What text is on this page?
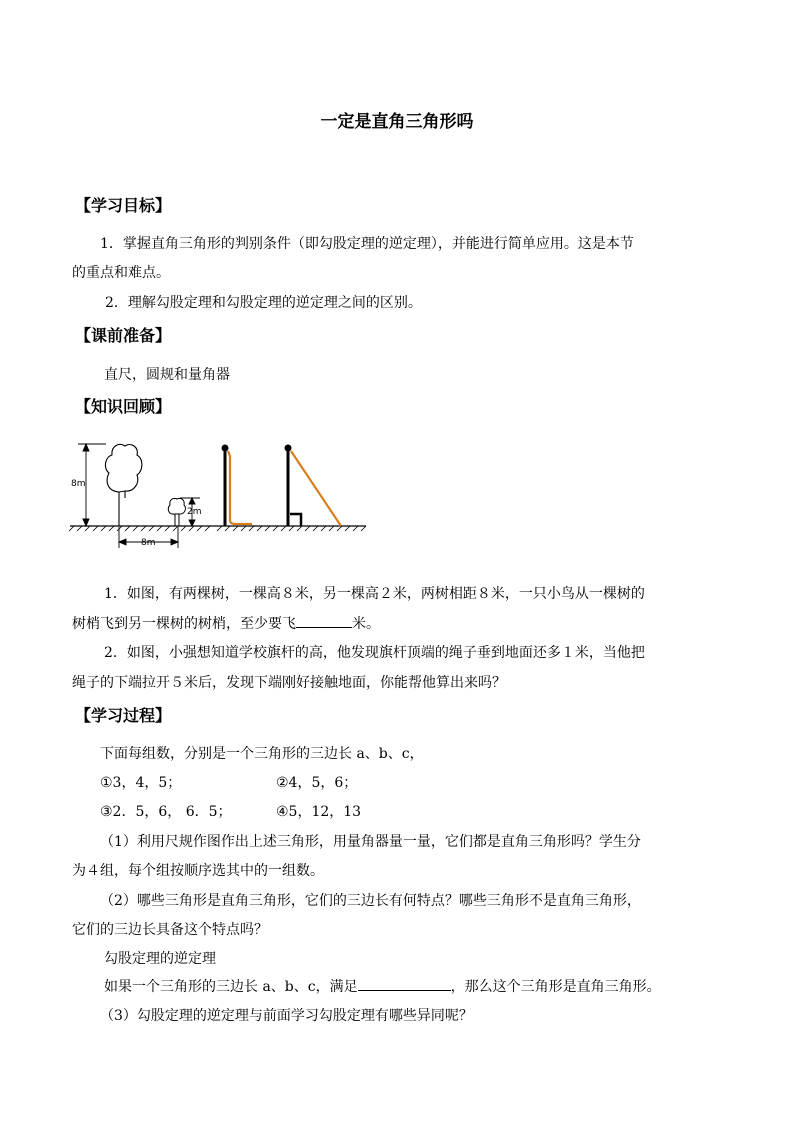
一定是直角三角形吗
【学习目标】
1．掌握直角三角形的判别条件（即勾股定理的逆定理），并能进行简单应用。这是本节
的重点和难点。
2．理解勾股定理和勾股定理的逆定理之间的区别。
【课前准备】
直尺，圆规和量角器
【知识回顾】
8m
2m
8m
1．如图，有两棵树，一棵高８米，另一棵高２米，两树相距８米，一只小鸟从一棵树的
树梢飞到另一棵树的树梢，至少要飞	米。
2．如图，小强想知道学校旗杆的高，他发现旗杆顶端的绳子垂到地面还多１米，当他把
绳子的下端拉开５米后，发现下端刚好接触地面，你能帮他算出来吗？
【学习过程】
下面每组数，分别是一个三角形的三边长 a、b、c，
①3，4，5；	②4，5，6；
③2．5，6， 6．5；	④5，12，13
（1）利用尺规作图作出上述三角形，用量角器量一量，它们都是直角三角形吗？学生分
为４组，每个组按顺序选其中的一组数。
（2）哪些三角形是直角三角形，它们的三边长有何特点？哪些三角形不是直角三角形，
它们的三边长具备这个特点吗？
勾股定理的逆定理
如果一个三角形的三边长 a、b、c，满足	，那么这个三角形是直角三角形。
（3）勾股定理的逆定理与前面学习勾股定理有哪些异同呢？
